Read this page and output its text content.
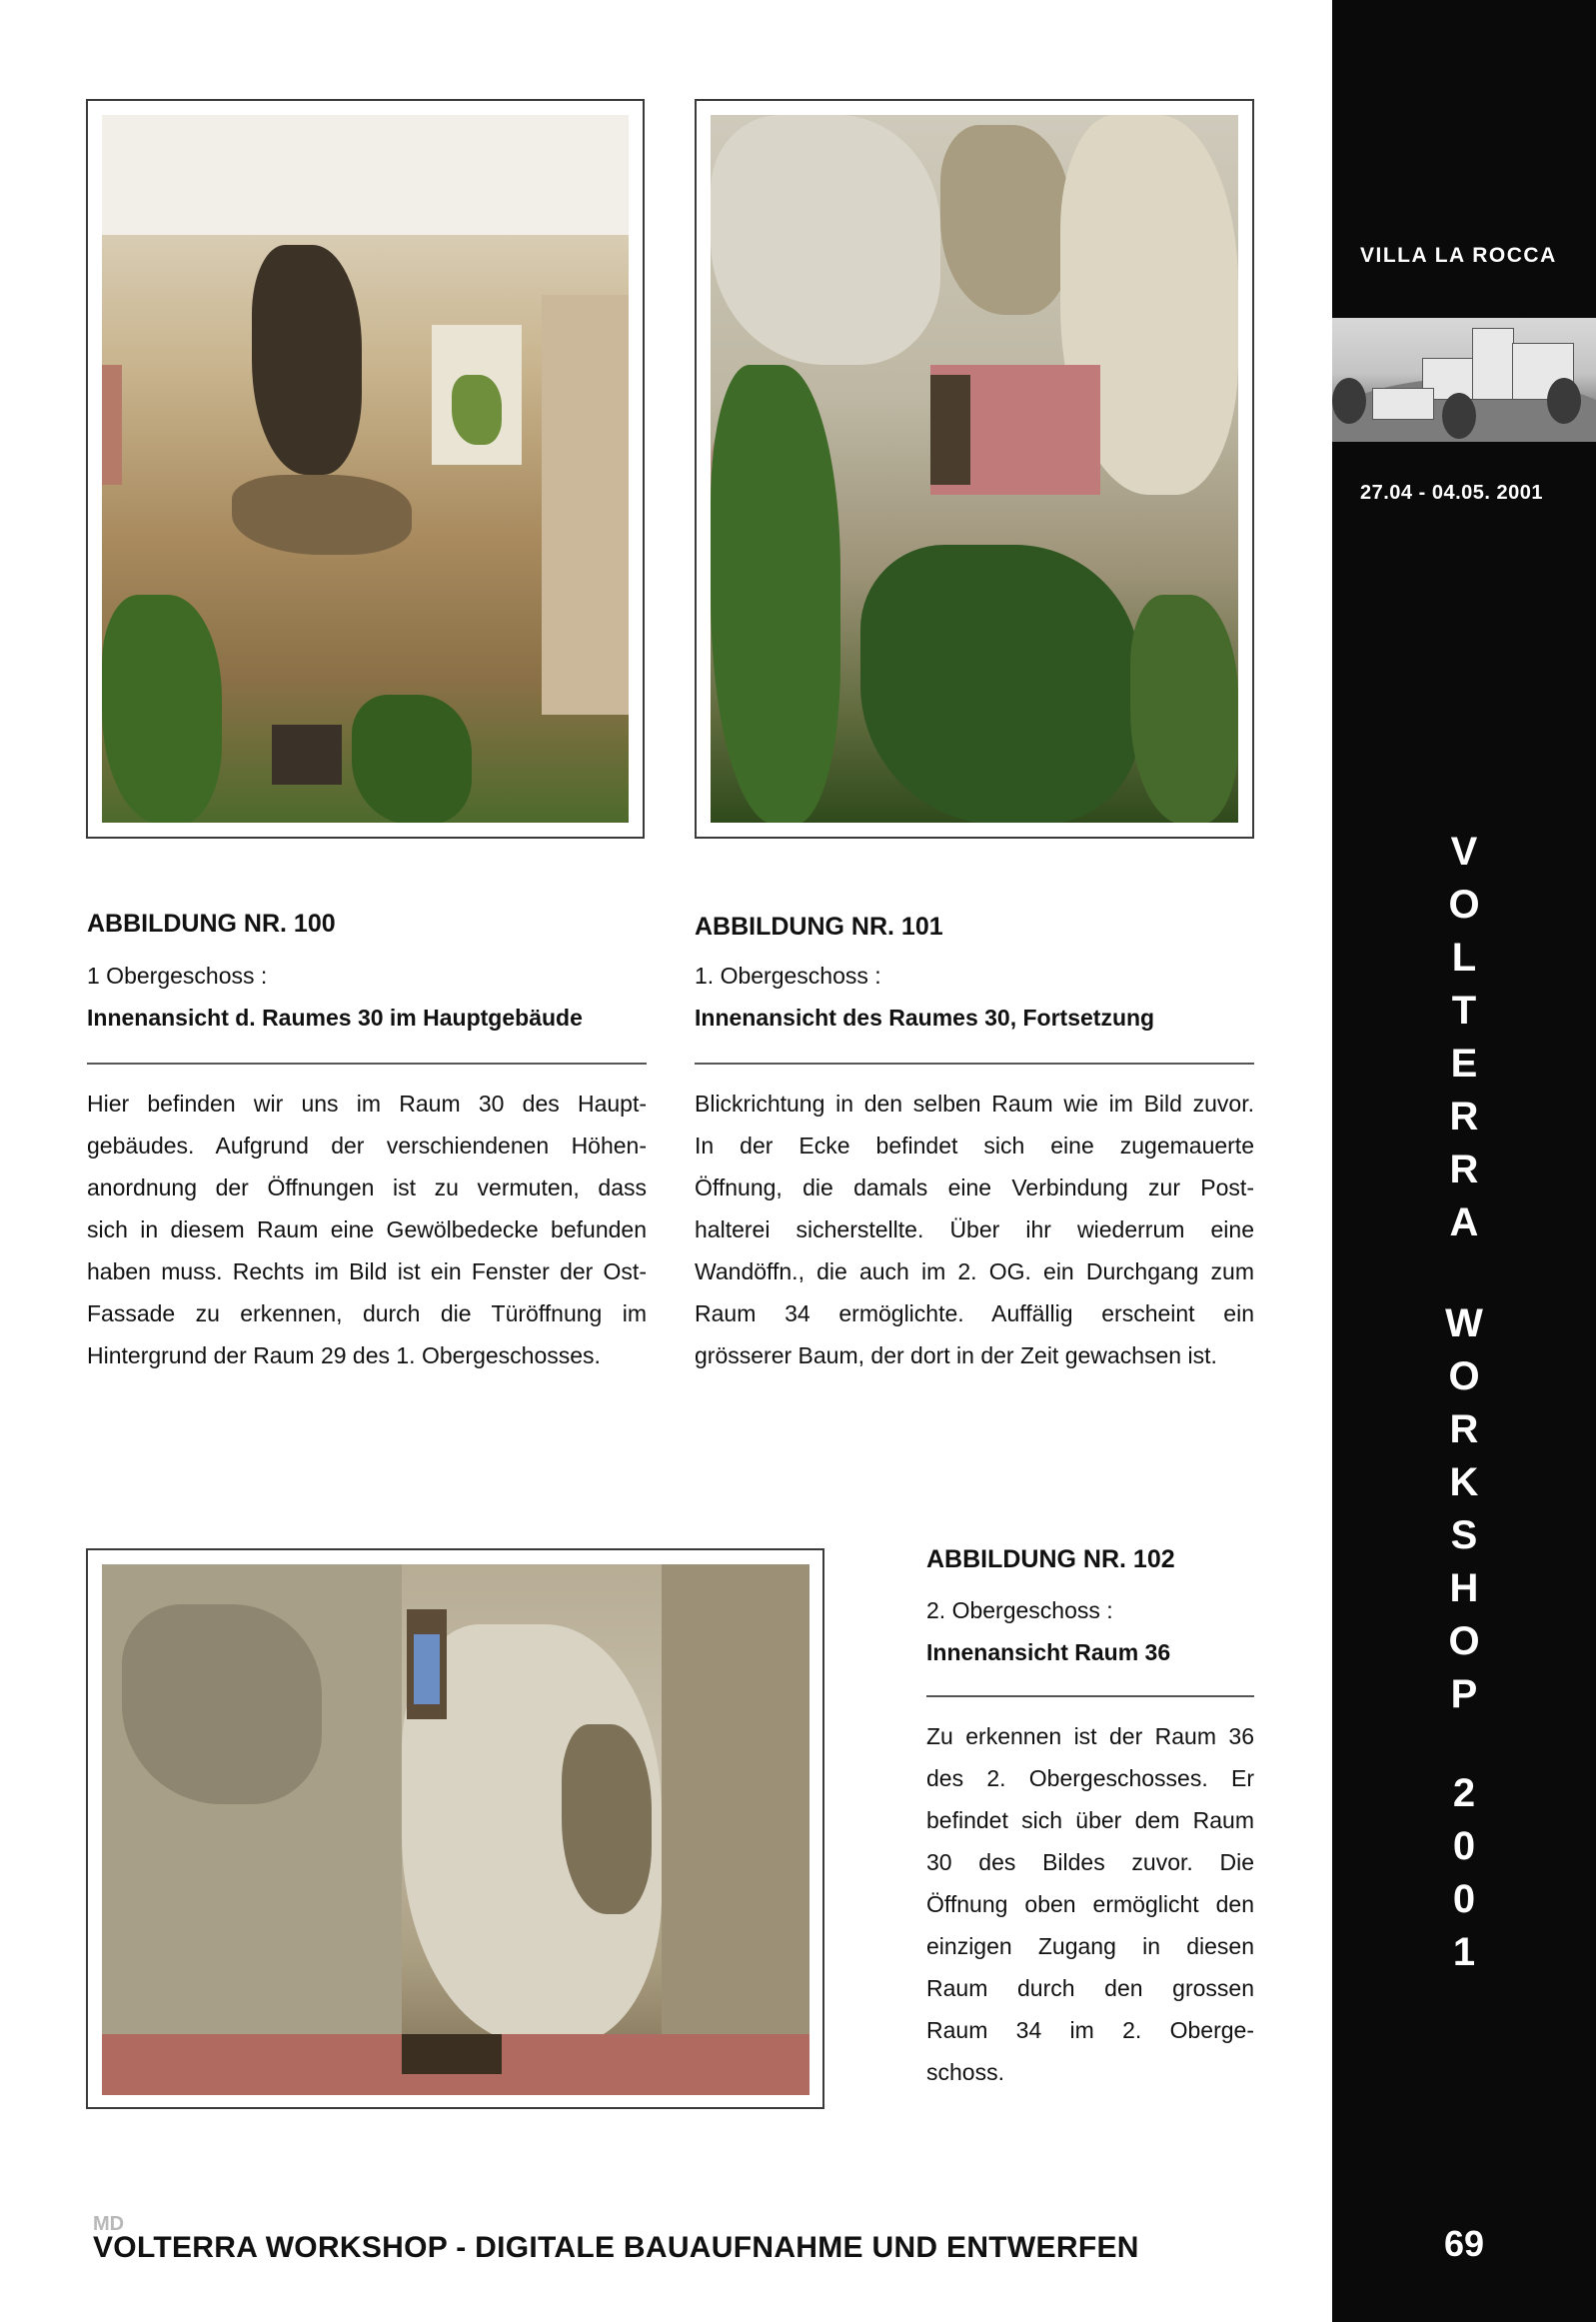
ABBILDUNG NR. 100
1 Obergeschoss :
Innenansicht d. Raumes 30 im Hauptgebäude
Hier befinden wir uns im Raum 30 des Haupt-
gebäudes. Aufgrund der verschiendenen Höhen-
anordnung der Öffnungen ist zu vermuten, dass
sich in diesem Raum eine Gewölbedecke befunden
haben muss. Rechts im Bild ist ein Fenster der Ost-
Fassade zu erkennen, durch die Türöffnung im
Hintergrund der Raum 29 des 1. Obergeschosses.
ABBILDUNG NR. 101
1. Obergeschoss :
Innenansicht des Raumes 30, Fortsetzung
Blickrichtung in den selben Raum wie im Bild zuvor.
In der Ecke befindet sich eine zugemauerte
Öffnung, die damals eine Verbindung zur Post-
halterei sicherstellte. Über ihr wiederrum eine
Wandöffn., die auch im 2. OG. ein Durchgang zum
Raum 34 ermöglichte. Auffällig erscheint ein
grösserer Baum, der dort in der Zeit gewachsen ist.
ABBILDUNG NR. 102
2. Obergeschoss :
Innenansicht Raum 36
Zu erkennen ist der Raum 36
des 2. Obergeschosses. Er
befindet sich über dem Raum
30 des Bildes zuvor. Die
Öffnung oben ermöglicht den
einzigen Zugang in diesen
Raum durch den grossen
Raum 34 im 2. Oberge-
schoss.
MD
VOLTERRA WORKSHOP - DIGITALE BAUAUFNAHME UND ENTWERFEN
VILLA LA ROCCA
27.04 - 04.05. 2001
V
O
L
T
E
R
R
A
W
O
R
K
S
H
O
P
2
0
0
1
69
